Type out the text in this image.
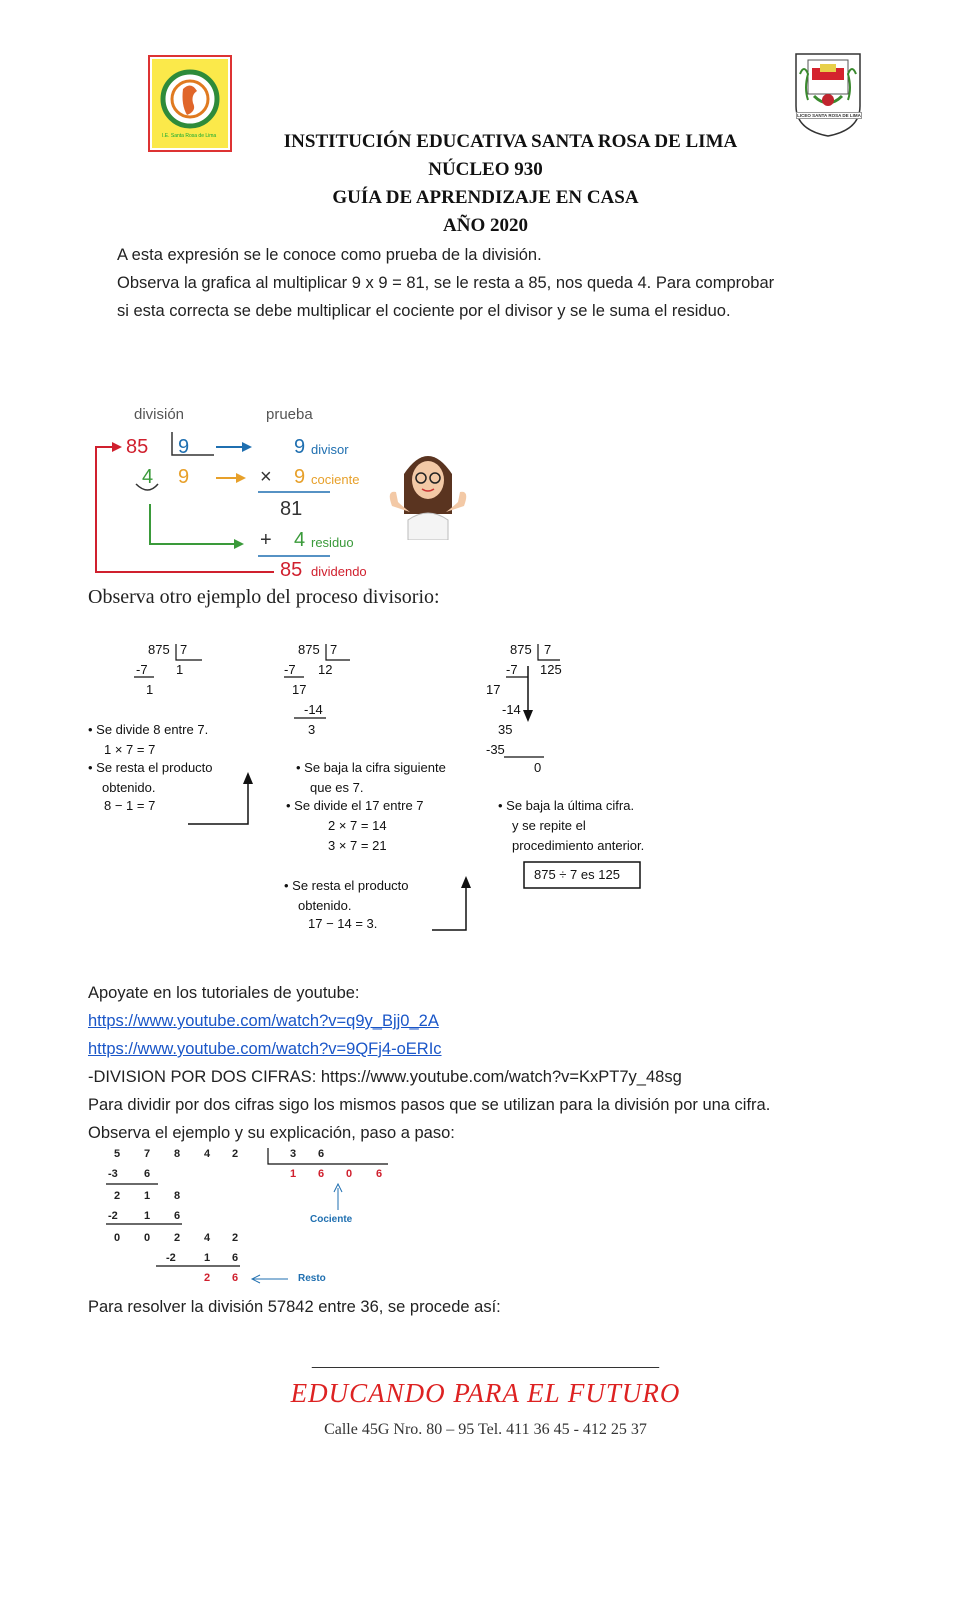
I.E. Santa Rosa de Lima
LICEO SANTA ROSA DE LIMA
INSTITUCIÓN EDUCATIVA SANTA ROSA DE LIMA
NÚCLEO 930
GUÍA DE APRENDIZAJE EN CASA
AÑO 2020
A esta expresión se le conoce como prueba de la división.
Observa la grafica al multiplicar 9 x 9 = 81, se le resta a 85, nos queda 4. Para comprobar
si esta correcta se debe multiplicar el cociente por el divisor y se le suma el residuo.
división	prueba
85 9
4 9
9 divisor
× 9 cociente
81
+ 4 residuo
85 dividendo
Observa otro ejemplo del proceso divisorio:
875 7
-7 1
1
• Se divide 8 entre 7.
1 × 7 = 7
• Se resta el producto
obtenido.
8 − 1 = 7
875 7
-7 12
17
-14
3
• Se baja la cifra siguiente
que es 7.
• Se divide el 17 entre 7
2 × 7 = 14
3 × 7 = 21
• Se resta el producto
obtenido.
17 − 14 = 3.
875 7
-7 125
17
-14
35
-35
0
• Se baja la última cifra.
y se repite el
procedimiento anterior.
875 ÷ 7 es 125
Apoyate en los tutoriales de youtube:
https://www.youtube.com/watch?v=q9y_Bjj0_2A
https://www.youtube.com/watch?v=9QFj4-oERIc
-DIVISION POR DOS CIFRAS: https://www.youtube.com/watch?v=KxPT7y_48sg
Para dividir por dos cifras sigo los mismos pasos que se utilizan para la división por una cifra.
Observa el ejemplo y su explicación, paso a paso:
5 7 8 4 2	3 6
-3 6	1 6 0 6
2 1 8
-2 1 6	Cociente
0 0 2 4 2
-2	1 6
2 6	Resto
Para resolver la división 57842 entre 36, se procede así:
_______________________________________
EDUCANDO PARA EL FUTURO
Calle 45G Nro. 80 – 95 Tel. 411 36 45 - 412 25 37
